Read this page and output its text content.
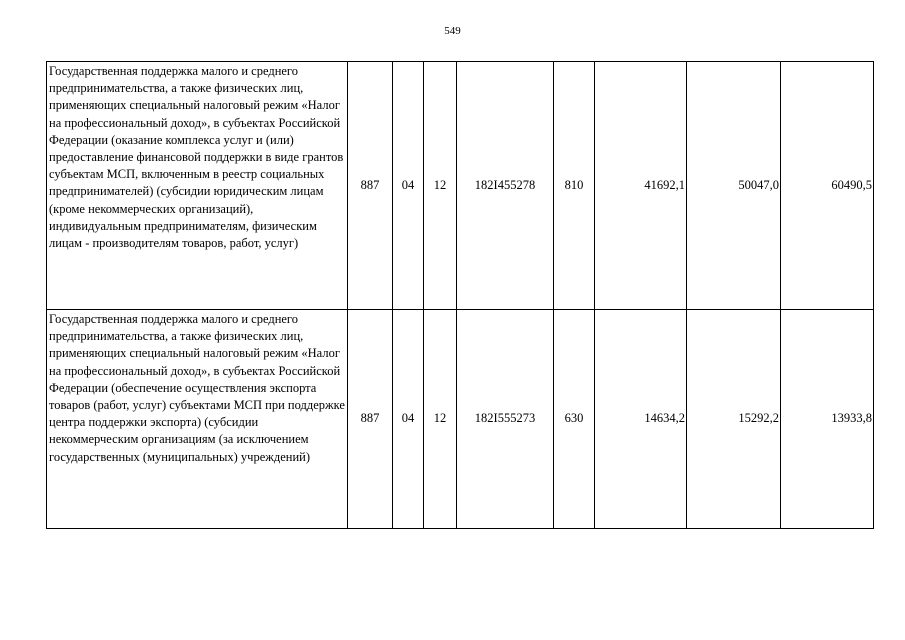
549
Государственная поддержка малого и среднего предпринимательства, а также физических лиц, применяющих специальный налоговый режим «Налог на профессиональный доход», в субъектах Российской Федерации (оказание комплекса услуг и (или) предоставление финансовой поддержки в виде грантов субъектам МСП, включенным в реестр социальных предпринимателей) (субсидии юридическим лицам (кроме некоммерческих организаций), индивидуальным предпринимателям, физическим лицам - производителям товаров, работ, услуг)	887	04	12	182I455278	810	41692,1	50047,0	60490,5
Государственная поддержка малого и среднего предпринимательства, а также физических лиц, применяющих специальный налоговый режим «Налог на профессиональный доход», в субъектах Российской Федерации (обеспечение осуществления экспорта товаров (работ, услуг) субъектами МСП при поддержке центра поддержки экспорта) (субсидии некоммерческим организациям (за исключением государственных (муниципальных) учреждений)	887	04	12	182I555273	630	14634,2	15292,2	13933,8
